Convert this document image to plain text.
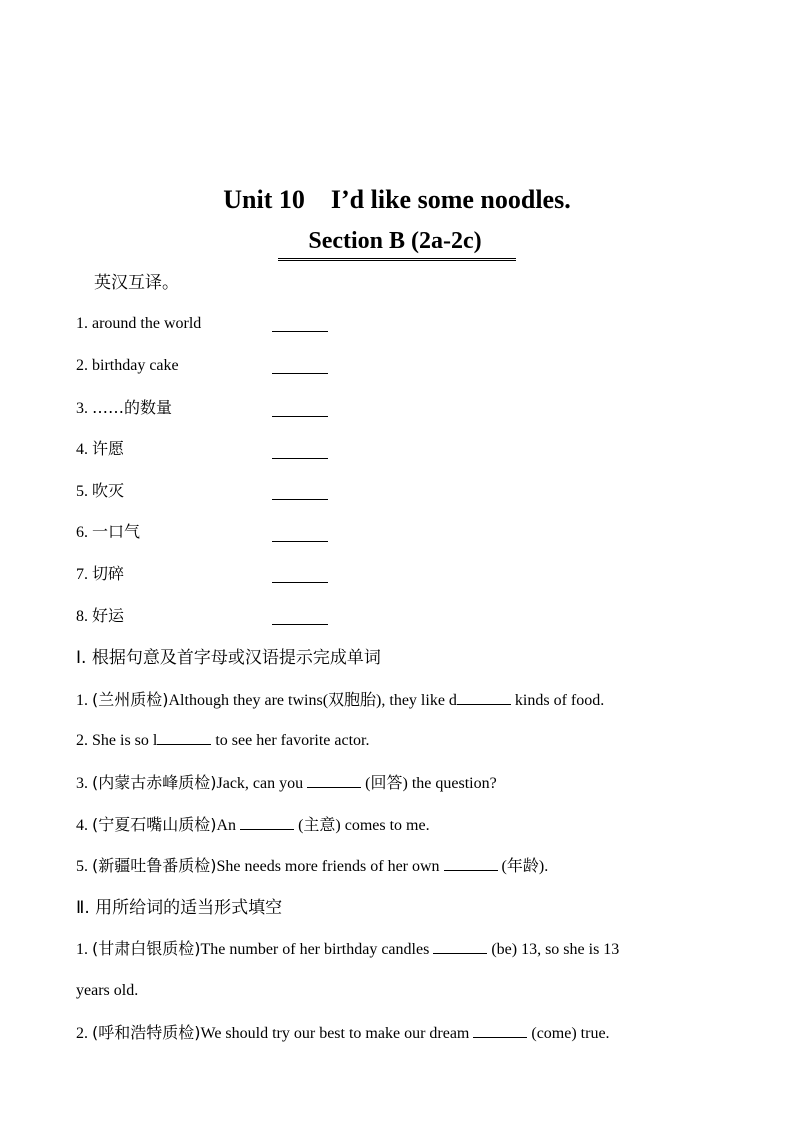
Unit 10    I’d like some noodles.
Section B (2a-2c)
英汉互译。
1. around the world
2. birthday cake
3. ……的数量
4. 许愿
5. 吹灭
6. 一口气
7. 切碎
8. 好运
Ⅰ. 根据句意及首字母或汉语提示完成单词
1. (兰州质检)Although they are twins(双胞胎), they like d	kinds of food.
2. She is so l	to see her favorite actor.
3. (内蒙古赤峰质检)Jack, can you	(回答) the question?
4. (宁夏石嘴山质检)An	(主意) comes to me.
5. (新疆吐鲁番质检)She needs more friends of her own	(年龄).
Ⅱ. 用所给词的适当形式填空
1. (甘肃白银质检)The number of her birthday candles	(be) 13, so she is 13
years old.
2. (呼和浩特质检)We should try our best to make our dream	(come) true.
